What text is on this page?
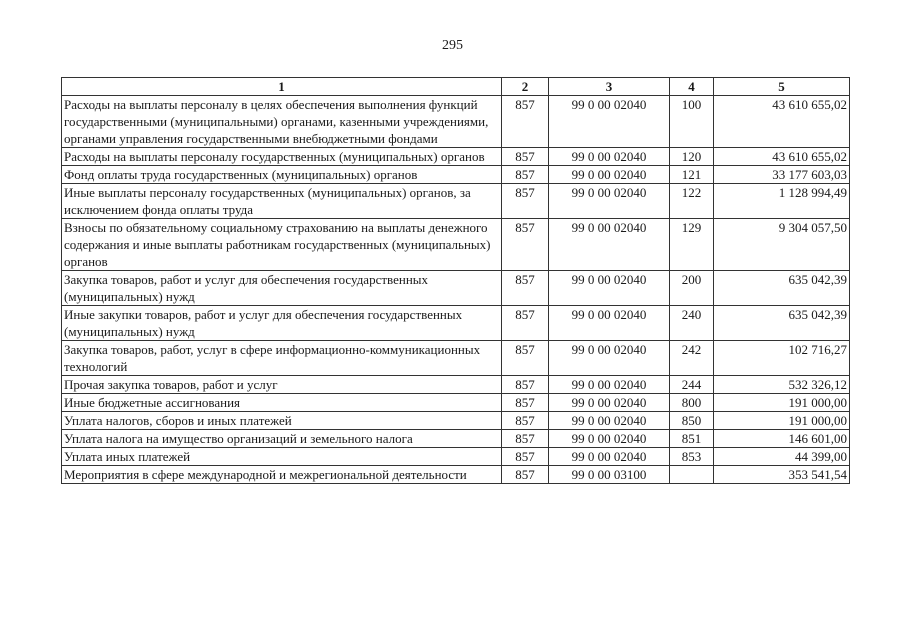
295
1	2	3	4	5
Расходы на выплаты персоналу в целях обеспечения выполнения функций государственными (муниципальными) органами, казенными учреждениями, органами управления государственными внебюджетными фондами	857	99 0 00 02040	100	43 610 655,02
Расходы на выплаты персоналу государственных (муниципальных) органов	857	99 0 00 02040	120	43 610 655,02
Фонд оплаты труда государственных (муниципальных) органов	857	99 0 00 02040	121	33 177 603,03
Иные выплаты персоналу государственных (муниципальных) органов, за исключением фонда оплаты труда	857	99 0 00 02040	122	1 128 994,49
Взносы по обязательному социальному страхованию на выплаты денежного содержания и иные выплаты работникам государственных (муниципальных) органов	857	99 0 00 02040	129	9 304 057,50
Закупка товаров, работ и услуг для обеспечения государственных (муниципальных) нужд	857	99 0 00 02040	200	635 042,39
Иные закупки товаров, работ и услуг для обеспечения государственных (муниципальных) нужд	857	99 0 00 02040	240	635 042,39
Закупка товаров, работ, услуг в сфере информационно-коммуникационных технологий	857	99 0 00 02040	242	102 716,27
Прочая закупка товаров, работ и услуг	857	99 0 00 02040	244	532 326,12
Иные бюджетные ассигнования	857	99 0 00 02040	800	191 000,00
Уплата налогов, сборов и иных платежей	857	99 0 00 02040	850	191 000,00
Уплата налога на имущество организаций и земельного налога	857	99 0 00 02040	851	146 601,00
Уплата иных платежей	857	99 0 00 02040	853	44 399,00
Мероприятия в сфере международной и межрегиональной деятельности	857	99 0 00 03100		353 541,54
